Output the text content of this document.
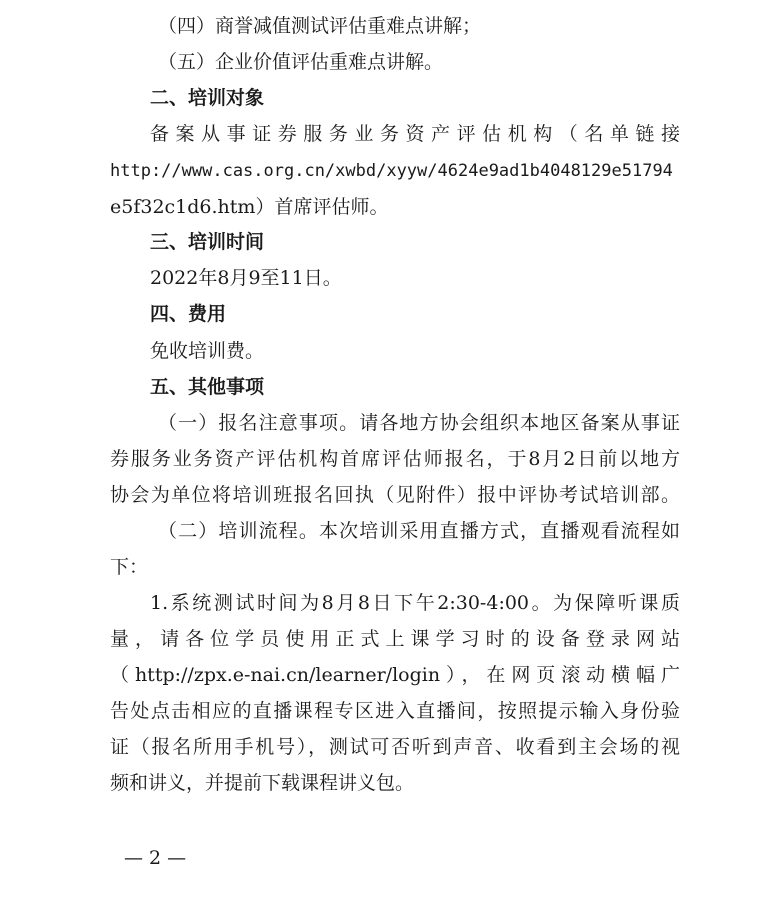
（四）商誉减值测试评估重难点讲解；
（五）企业价值评估重难点讲解。
二、培训对象
备案从事证券服务业务资产评估机构（名单链接
http://www.cas.org.cn/xwbd/xyyw/4624e9ad1b4048129e51794
e5f32c1d6.htm）首席评估师。
三、培训时间
2022年8月9至11日。
四、费用
免收培训费。
五、其他事项
（一）报名注意事项。请各地方协会组织本地区备案从事证
券服务业务资产评估机构首席评估师报名，于8月2日前以地方
协会为单位将培训班报名回执（见附件）报中评协考试培训部。
（二）培训流程。本次培训采用直播方式，直播观看流程如
下：
1.系统测试时间为8月8日下午2:30-4:00。为保障听课质
量，请各位学员使用正式上课学习时的设备登录网站
（http://zpx.e-nai.cn/learner/login），在网页滚动横幅广
告处点击相应的直播课程专区进入直播间，按照提示输入身份验
证（报名所用手机号），测试可否听到声音、收看到主会场的视
频和讲义，并提前下载课程讲义包。
— 2 —
